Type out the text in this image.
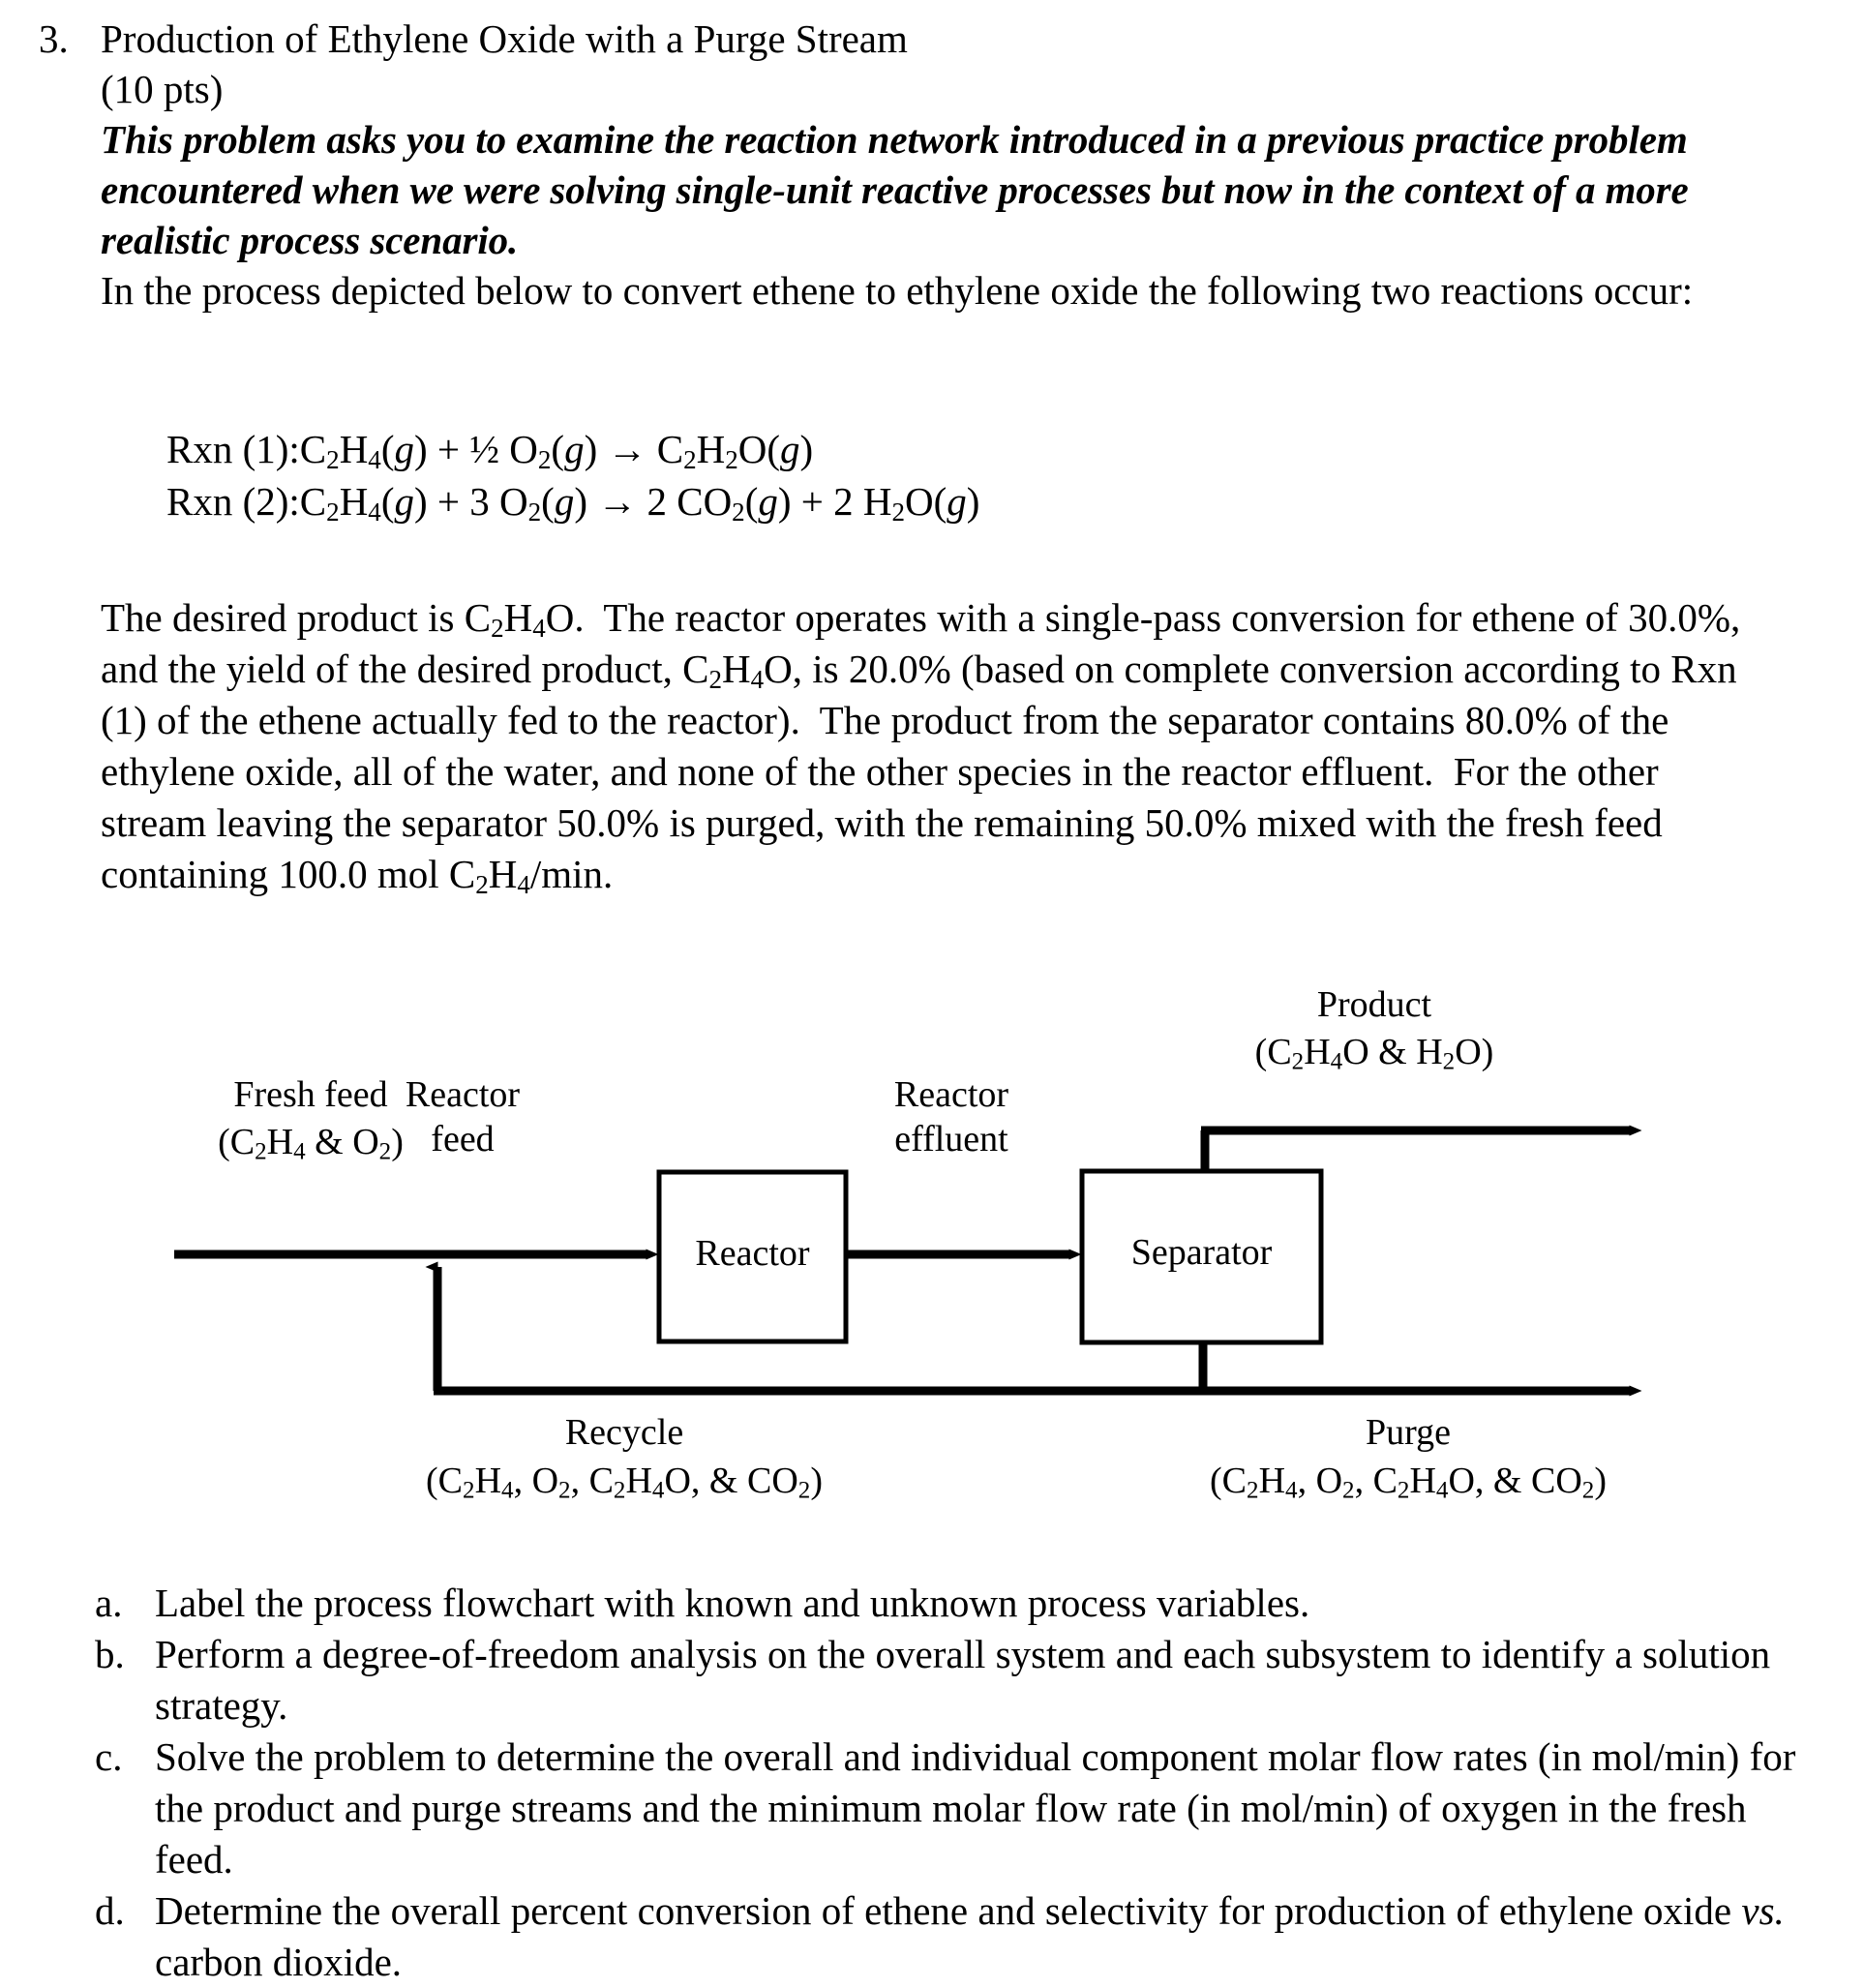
3. Production of Ethylene Oxide with a Purge Stream
(10 pts)
This problem asks you to examine the reaction network introduced in a previous practice problem encountered when we were solving single-unit reactive processes but now in the context of a more realistic process scenario.
In the process depicted below to convert ethene to ethylene oxide the following two reactions occur:
Rxn $(1):C_2H_4(g)$ + ½ $O_2(g) \to C_2H_2O(g)$
Rxn $(2):C_2H_4(g) + 3$ $O_2(g) \to 2$ $CO_2(g) + 2$ $H_2O(g)$
The desired product is $C_2H_4O$.  The reactor operates with a single-pass conversion for ethene of 30.0%, and the yield of the desired product, $C_2H_4O$, is 20.0% (based on complete conversion according to Rxn (1) of the ethene actually fed to the reactor).  The product from the separator contains 80.0% of the ethylene oxide, all of the water, and none of the other species in the reactor effluent.  For the other stream leaving the separator 50.0% is purged, with the remaining 50.0% mixed with the fresh feed containing 100.0 mol $C_2H_4/\min$.
Reactor	Separator
Fresh feed
($C_2H_4$ & $O_2$)
Reactor
feed
Reactor
effluent
Product
($C_2H_4O$ & $H_2O$)
Recycle
($C_2H_4$, $O_2$, $C_2H_4O$, & $CO_2$)
Purge
($C_2H_4$, $O_2$, $C_2H_4O$, & $CO_2$)
a. Label the process flowchart with known and unknown process variables.
b. Perform a degree-of-freedom analysis on the overall system and each subsystem to identify a solution strategy.
c. Solve the problem to determine the overall and individual component molar flow rates (in mol/min) for the product and purge streams and the minimum molar flow rate (in mol/min) of oxygen in the fresh feed.
d. Determine the overall percent conversion of ethene and selectivity for production of ethylene oxide vs. carbon dioxide.
